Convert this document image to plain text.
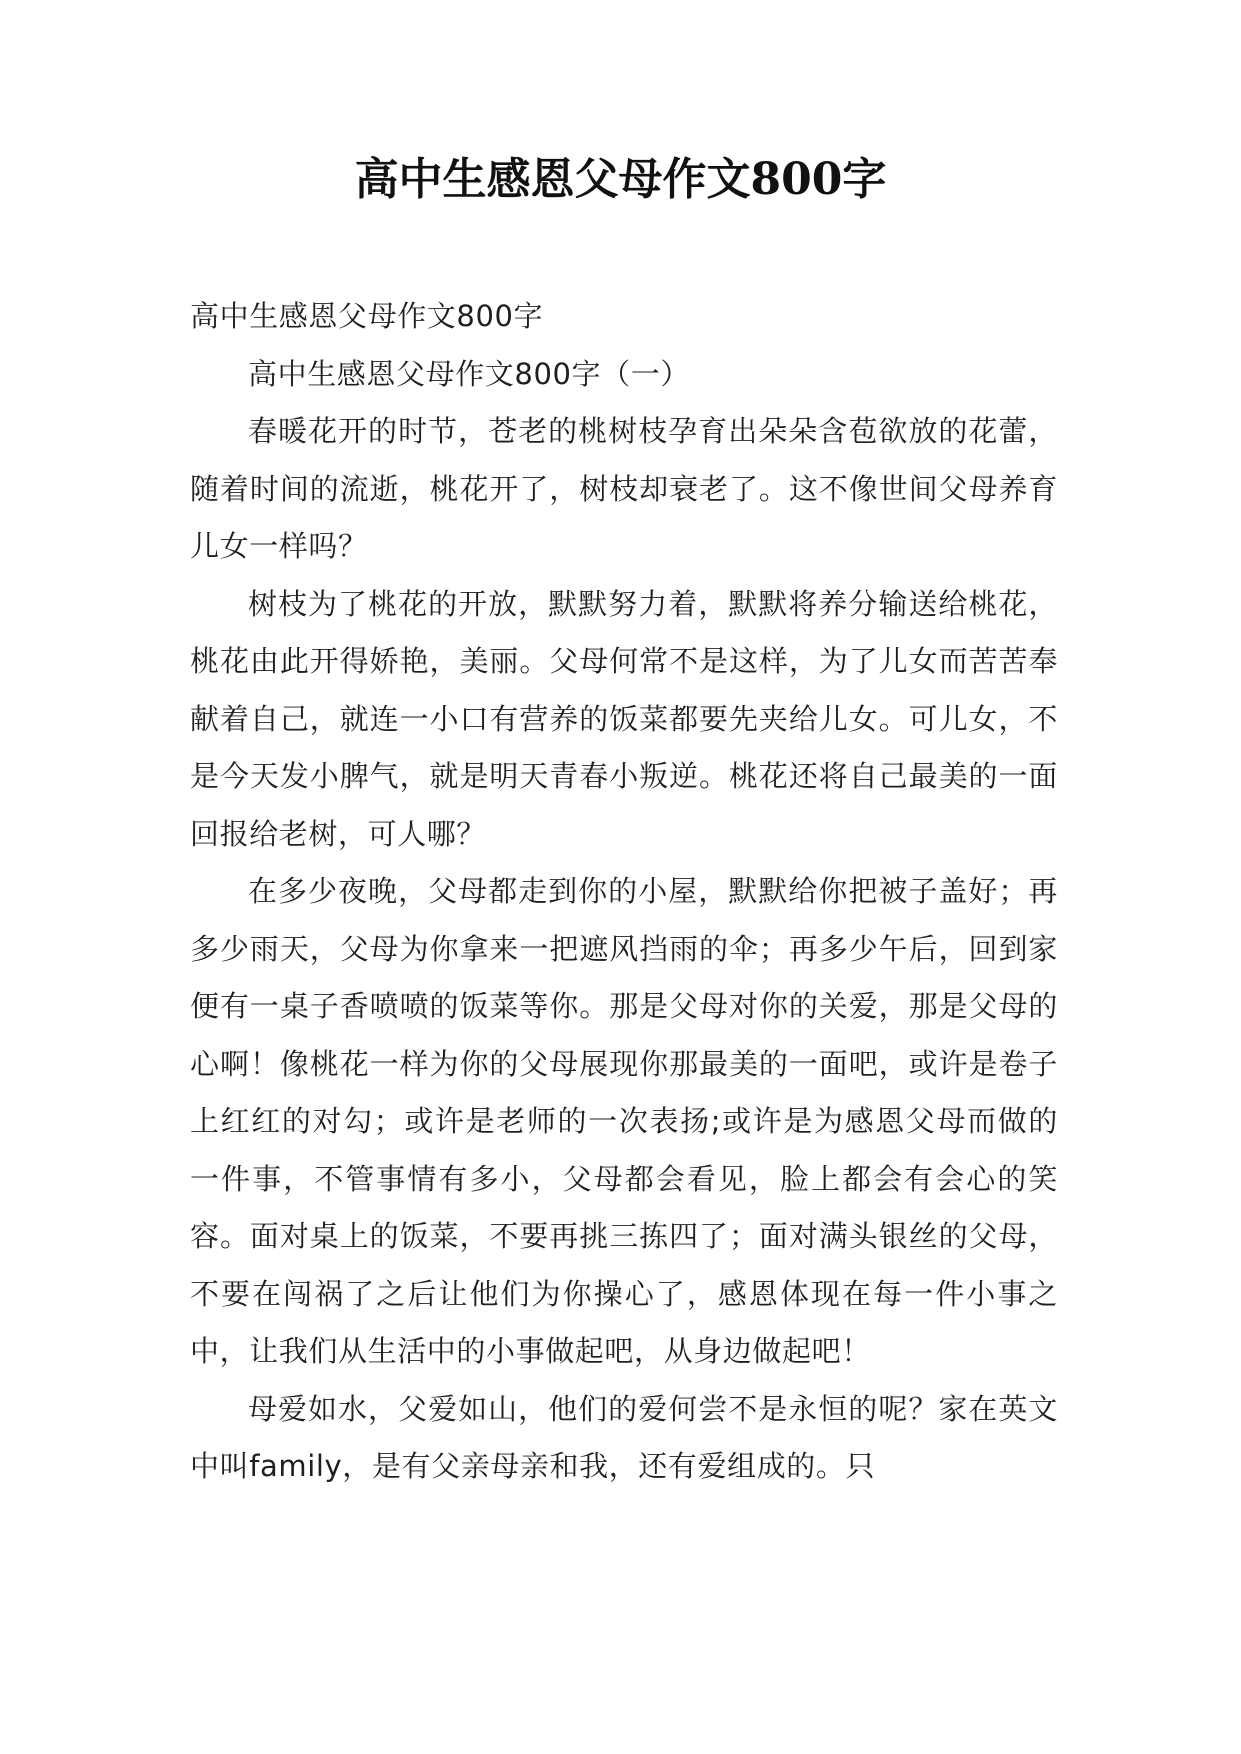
高中生感恩父母作文800字

高中生感恩父母作文800字

高中生感恩父母作文800字（一）

春暖花开的时节，苍老的桃树枝孕育出朵朵含苞欲放的花蕾，随着时间的流逝，桃花开了，树枝却衰老了。这不像世间父母养育儿女一样吗？

树枝为了桃花的开放，默默努力着，默默将养分输送给桃花，桃花由此开得娇艳，美丽。父母何常不是这样，为了儿女而苦苦奉献着自己，就连一小口有营养的饭菜都要先夹给儿女。可儿女，不是今天发小脾气，就是明天青春小叛逆。桃花还将自己最美的一面回报给老树，可人哪？

在多少夜晚，父母都走到你的小屋，默默给你把被子盖好；再多少雨天，父母为你拿来一把遮风挡雨的伞；再多少午后，回到家便有一桌子香喷喷的饭菜等你。那是父母对你的关爱，那是父母的心啊！像桃花一样为你的父母展现你那最美的一面吧，或许是卷子上红红的对勾；或许是老师的一次表扬;或许是为感恩父母而做的一件事，不管事情有多小，父母都会看见，脸上都会有会心的笑容。面对桌上的饭菜，不要再挑三拣四了；面对满头银丝的父母，不要在闯祸了之后让他们为你操心了，感恩体现在每一件小事之中，让我们从生活中的小事做起吧，从身边做起吧！

母爱如水，父爱如山，他们的爱何尝不是永恒的呢？家在英文中叫family，是有父亲母亲和我，还有爱组成的。只
